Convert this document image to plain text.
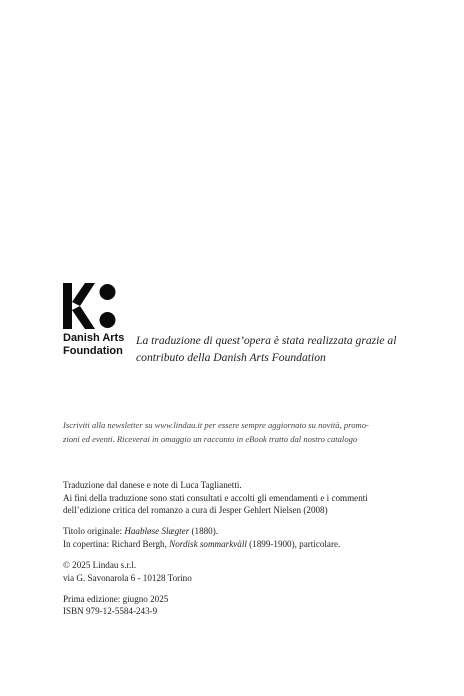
Danish Arts
Foundation
La traduzione di quest’opera è stata realizzata grazie al
contributo della Danish Arts Foundation
Iscriviti alla newsletter su www.lindau.it per essere sempre aggiornato su novità, promo-
zioni ed eventi. Riceverai in omaggio un racconto in eBook tratto dal nostro catalogo

Traduzione dal danese e note di Luca Taglianetti.
Ai fini della traduzione sono stati consultati e accolti gli emendamenti e i commenti
dell’edizione critica del romanzo a cura di Jesper Gehlert Nielsen (2008)

Titolo originale: Haabløse Slægter (1880).
In copertina: Richard Bergh, Nordisk sommarkväll (1899-1900), particolare.

© 2025 Lindau s.r.l.
via G. Savonarola 6 - 10128 Torino

Prima edizione: giugno 2025
ISBN 979-12-5584-243-9
